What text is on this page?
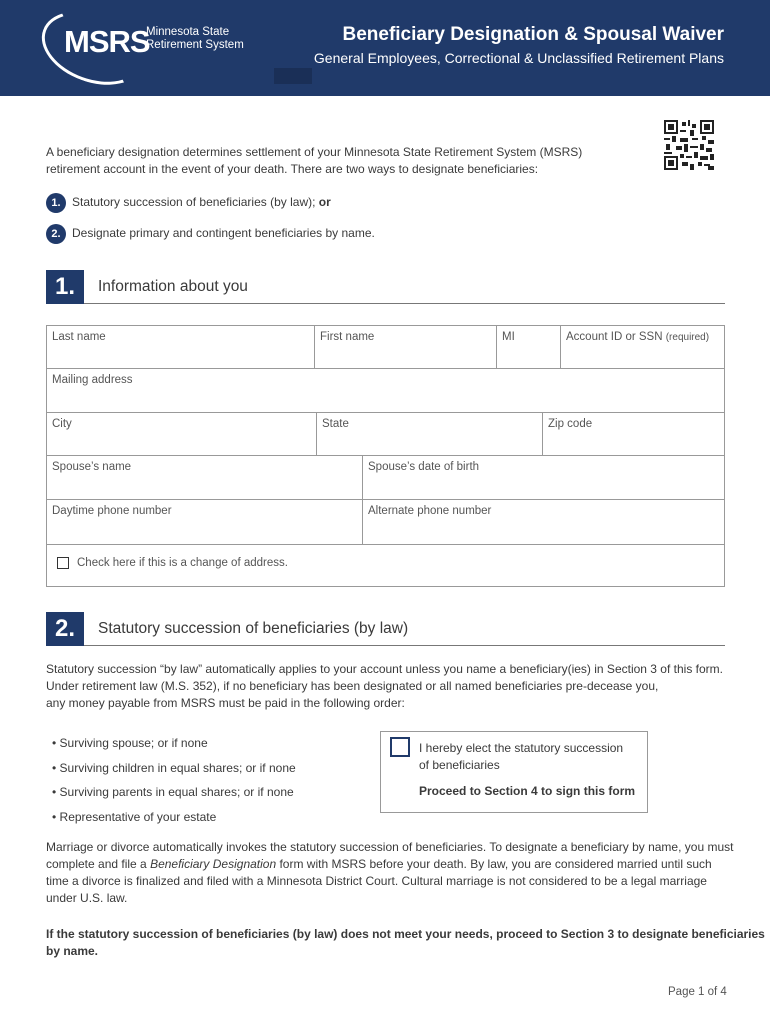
MSRS
Minnesota State
Retirement System	Beneficiary Designation & Spousal Waiver
General Employees, Correctional & Unclassified Retirement Plans
A beneficiary designation determines settlement of your Minnesota State Retirement System (MSRS)
retirement account in the event of your death. There are two ways to designate beneficiaries:
1. Statutory succession of beneficiaries (by law); or
2. Designate primary and contingent beneficiaries by name.
1.	Information about you
Last name	First name	MI	Account ID or SSN (required)
Mailing address
City	State	Zip code
Spouse’s name	Spouse’s date of birth
Daytime phone number	Alternate phone number
Check here if this is a change of address.
2.	Statutory succession of beneficiaries (by law)
Statutory succession “by law” automatically applies to your account unless you name a beneficiary(ies) in Section 3 of this form.
Under retirement law (M.S. 352), if no beneficiary has been designated or all named beneficiaries pre-decease you,
any money payable from MSRS must be paid in the following order:
• Surviving spouse; or if none
• Surviving children in equal shares; or if none
• Surviving parents in equal shares; or if none
• Representative of your estate
I hereby elect the statutory succession
of beneficiaries
Proceed to Section 4 to sign this form
Marriage or divorce automatically invokes the statutory succession of beneficiaries. To designate a beneficiary by name, you must
complete and file a Beneficiary Designation form with MSRS before your death. By law, you are considered married until such
time a divorce is finalized and filed with a Minnesota District Court. Cultural marriage is not considered to be a legal marriage
under U.S. law.
If the statutory succession of beneficiaries (by law) does not meet your needs, proceed to Section 3 to designate beneficiaries
by name.
Page 1 of 4
